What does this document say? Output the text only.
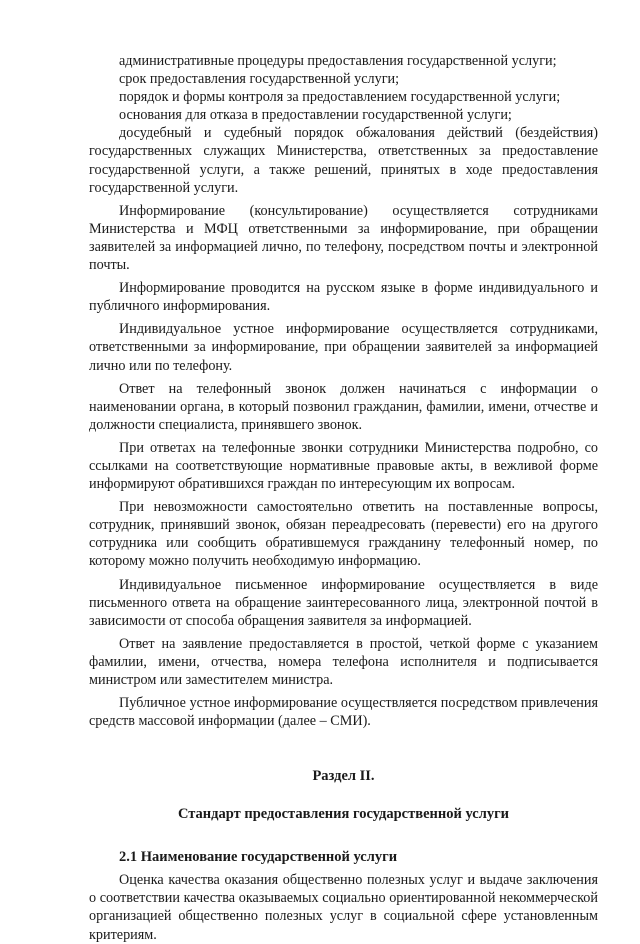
административные процедуры предоставления государственной услуги;

срок предоставления государственной услуги;

порядок и формы контроля за предоставлением государственной услуги;

основания для отказа в предоставлении государственной услуги;

досудебный и судебный порядок обжалования действий (бездействия) государственных служащих Министерства, ответственных за предоставление государственной услуги, а также решений, принятых в ходе предоставления государственной услуги.

Информирование (консультирование) осуществляется сотрудниками Министерства и МФЦ ответственными за информирование, при обращении заявителей за информацией лично, по телефону, посредством почты и электронной почты.

Информирование проводится на русском языке в форме индивидуального и публичного информирования.

Индивидуальное устное информирование осуществляется сотрудниками, ответственными за информирование, при обращении заявителей за информацией лично или по телефону.

Ответ на телефонный звонок должен начинаться с информации о наименовании органа, в который позвонил гражданин, фамилии, имени, отчестве и должности специалиста, принявшего звонок.

При ответах на телефонные звонки сотрудники Министерства подробно, со ссылками на соответствующие нормативные правовые акты, в вежливой форме информируют обратившихся граждан по интересующим их вопросам.

При невозможности самостоятельно ответить на поставленные вопросы, сотрудник, принявший звонок, обязан переадресовать (перевести) его на другого сотрудника или сообщить обратившемуся гражданину телефонный номер, по которому можно получить необходимую информацию.

Индивидуальное письменное информирование осуществляется в виде письменного ответа на обращение заинтересованного лица, электронной почтой в зависимости от способа обращения заявителя за информацией.

Ответ на заявление предоставляется в простой, четкой форме с указанием фамилии, имени, отчества, номера телефона исполнителя и подписывается министром или заместителем министра.

Публичное устное информирование осуществляется посредством привлечения средств массовой информации (далее – СМИ).

Раздел II.
Стандарт предоставления государственной услуги
2.1 Наименование государственной услуги

Оценка качества оказания общественно полезных услуг и выдаче заключения о соответствии качества оказываемых социально ориентированной некоммерческой организацией общественно полезных услуг в социальной сфере установленным критериям.
